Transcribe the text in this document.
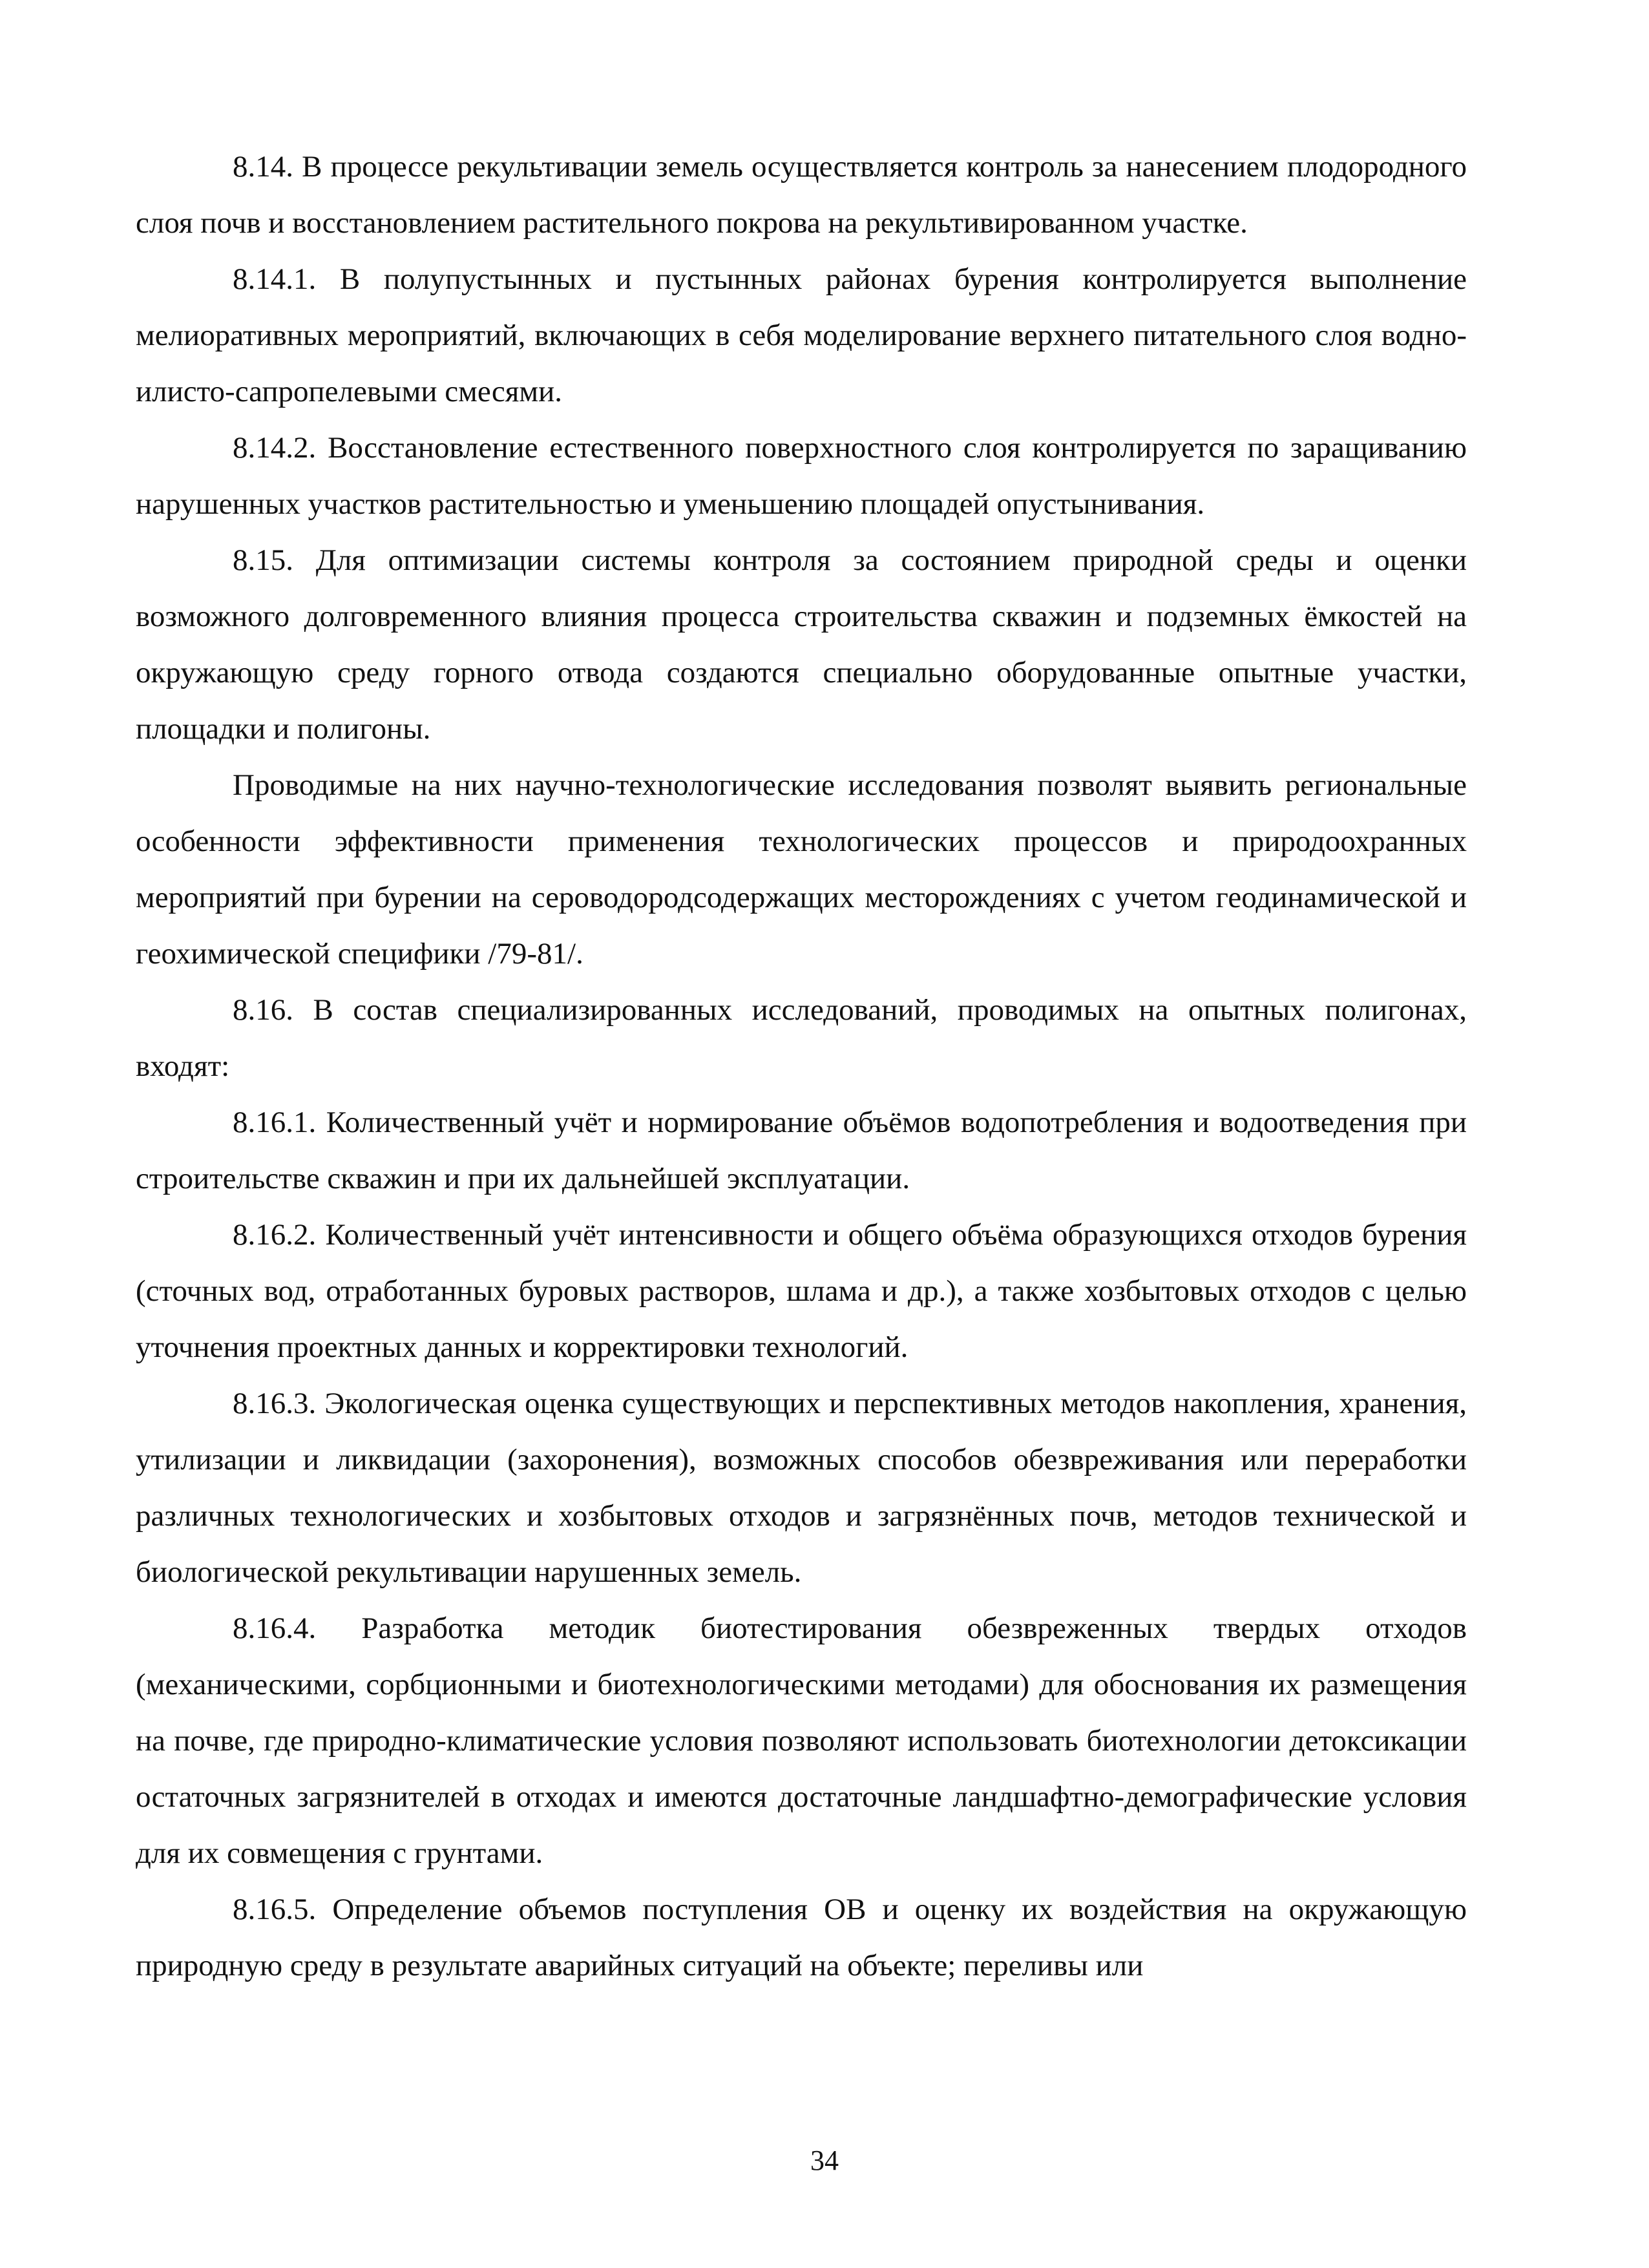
8.14. В процессе рекультивации земель осуществляется контроль за нанесением плодородного слоя почв и восстановлением растительного покрова на рекультивированном участке.

8.14.1. В полупустынных и пустынных районах бурения контролируется выполнение мелиоративных мероприятий, включающих в себя моделирование верхнего питательного слоя водно-илисто-сапропелевыми смесями.

8.14.2. Восстановление естественного поверхностного слоя контролируется по заращиванию нарушенных участков растительностью и уменьшению площадей опустынивания.

8.15. Для оптимизации системы контроля за состоянием природной среды и оценки возможного долговременного влияния процесса строительства скважин и подземных ёмкостей на окружающую среду горного отвода создаются специально оборудованные опытные участки, площадки и полигоны.

Проводимые на них научно-технологические исследования позволят выявить региональные особенности эффективности применения технологических процессов и природоохранных мероприятий при бурении на сероводородсодержащих месторождениях с учетом геодинамической и геохимической специфики /79-81/.

8.16. В состав специализированных исследований, проводимых на опытных полигонах, входят:

8.16.1. Количественный учёт и нормирование объёмов водопотребления и водоотведения при строительстве скважин и при их дальнейшей эксплуатации.

8.16.2. Количественный учёт интенсивности и общего объёма образующихся отходов бурения (сточных вод, отработанных буровых растворов, шлама и др.), а также хозбытовых отходов с целью уточнения проектных данных и корректировки технологий.

8.16.3. Экологическая оценка существующих и перспективных методов накопления, хранения, утилизации и ликвидации (захоронения), возможных способов обезвреживания или переработки различных технологических и хозбытовых отходов и загрязнённых почв, методов технической и биологической рекультивации нарушенных земель.

8.16.4. Разработка методик биотестирования обезвреженных твердых отходов (механическими, сорбционными и биотехнологическими методами) для обоснования их размещения на почве, где природно-климатические условия позволяют использовать биотехнологии детоксикации остаточных загрязнителей в отходах и имеются достаточные ландшафтно-демографические условия для их совмещения с грунтами.

8.16.5. Определение объемов поступления ОВ и оценку их воздействия на окружающую природную среду в результате аварийных ситуаций на объекте; переливы или

34
